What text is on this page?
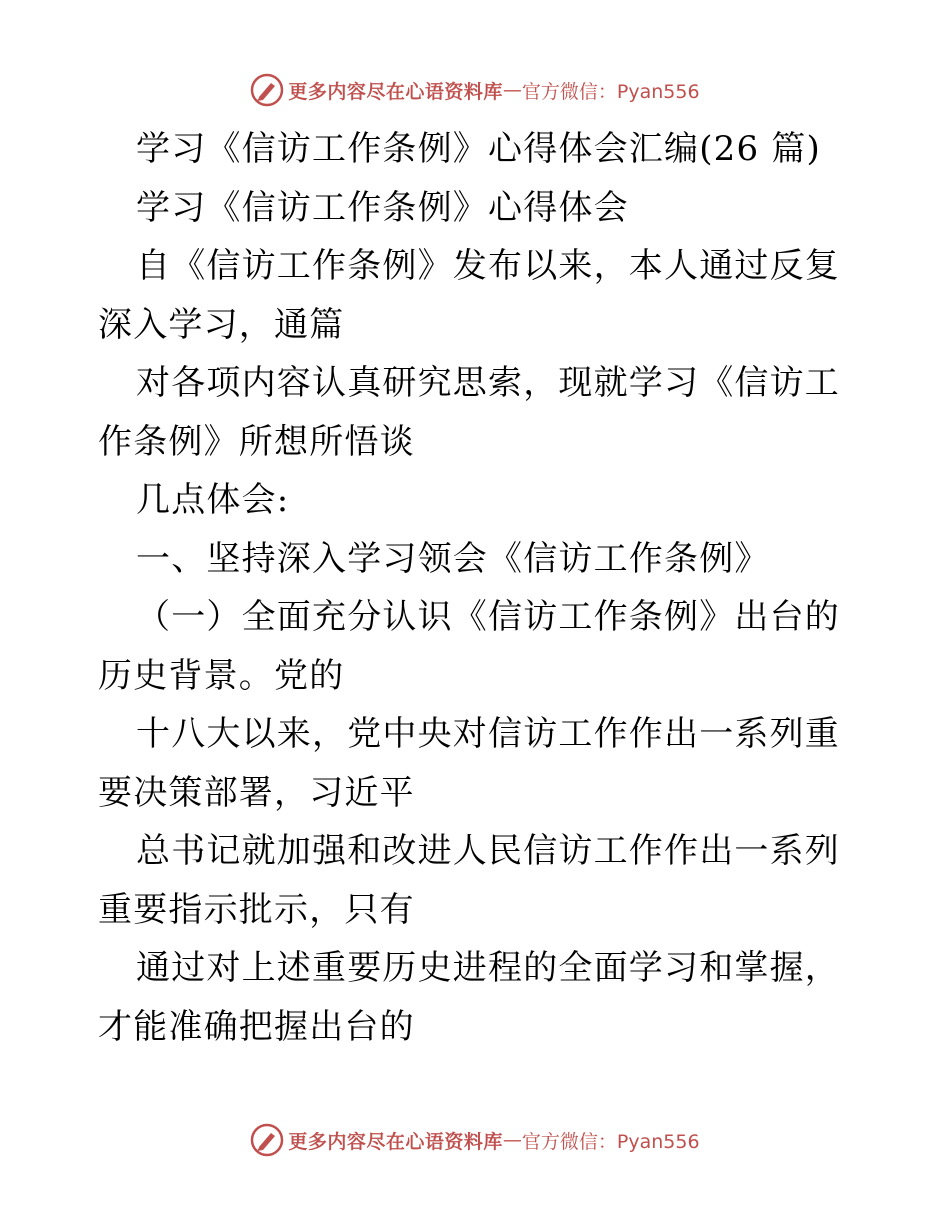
更多内容尽在心语资料库 — 官方微信：Pyan556

学习《信访工作条例》心得体会汇编(26 篇)

学习《信访工作条例》心得体会

自《信访工作条例》发布以来，本人通过反复深入学习，通篇

对各项内容认真研究思索，现就学习《信访工作条例》所想所悟谈

几点体会:

一、坚持深入学习领会《信访工作条例》

（一）全面充分认识《信访工作条例》出台的历史背景。党的

十八大以来，党中央对信访工作作出一系列重要决策部署，习近平

总书记就加强和改进人民信访工作作出一系列重要指示批示，只有

通过对上述重要历史进程的全面学习和掌握，才能准确把握出台的

更多内容尽在心语资料库 — 官方微信：Pyan556
